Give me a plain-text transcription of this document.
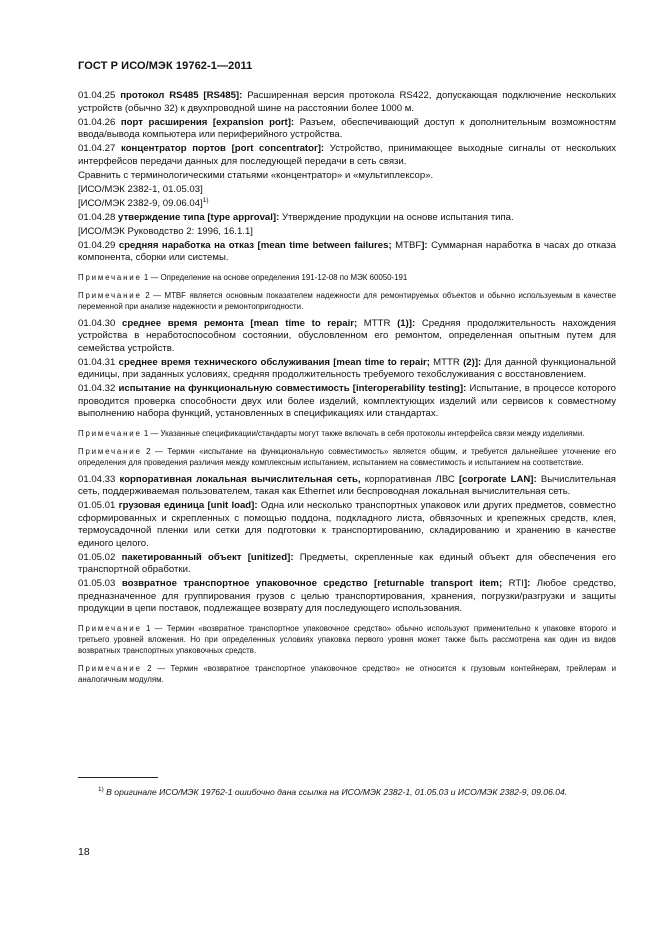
ГОСТ Р ИСО/МЭК 19762-1—2011

01.04.25 протокол RS485 [RS485]: Расширенная версия протокола RS422, допускающая подключение нескольких устройств (обычно 32) к двухпроводной шине на расстоянии более 1000 м.

01.04.26 порт расширения [expansion port]: Разъем, обеспечивающий доступ к дополнительным возможностям ввода/вывода компьютера или периферийного устройства.

01.04.27 концентратор портов [port concentrator]: Устройство, принимающее выходные сигналы от нескольких интерфейсов передачи данных для последующей передачи в сеть связи.

Сравнить с терминологическими статьями «концентратор» и «мультиплексор».

[ИСО/МЭК 2382-1, 01.05.03]

[ИСО/МЭК 2382-9, 09.06.04]$^{1)}$

01.04.28 утверждение типа [type approval]: Утверждение продукции на основе испытания типа.

[ИСО/МЭК Руководство 2: 1996, 16.1.1]

01.04.29 средняя наработка на отказ [mean time between failures; MTBF]: Суммарная наработка в часах до отказа компонента, сборки или системы.

Примечание 1 — Определение на основе определения 191-12-08 по МЭК 60050-191

Примечание 2 — MTBF является основным показателем надежности для ремонтируемых объектов и обычно используемым в качестве переменной при анализе надежности и ремонтопригодности.

01.04.30 среднее время ремонта [mean time to repair; MTTR (1)]: Средняя продолжительность нахождения устройства в неработоспособном состоянии, обусловленном его ремонтом, определенная опытным путем для семейства устройств.

01.04.31 среднее время технического обслуживания [mean time to repair; MTTR (2)]: Для данной функциональной единицы, при заданных условиях, средняя продолжительность требуемого техобслуживания с восстановлением.

01.04.32 испытание на функциональную совместимость [interoperability testing]: Испытание, в процессе которого проводится проверка способности двух или более изделий, комплектующих изделий или сервисов к совместному выполнению набора функций, установленных в спецификациях или стандартах.

Примечание 1 — Указанные спецификации/стандарты могут также включать в себя протоколы интерфейса связи между изделиями.

Примечание 2 — Термин «испытание на функциональную совместимость» является общим, и требуется дальнейшее уточнение его определения для проведения различия между комплексным испытанием, испытанием на совместимость и испытанием на соответствие.

01.04.33 корпоративная локальная вычислительная сеть, корпоративная ЛВС [corporate LAN]: Вычислительная сеть, поддерживаемая пользователем, такая как Ethernet или беспроводная локальная вычислительная сеть.

01.05.01 грузовая единица [unit load]: Одна или несколько транспортных упаковок или других предметов, совместно сформированных и скрепленных с помощью поддона, подкладного листа, обвязочных и крепежных средств, клея, термоусадочной пленки или сетки для подготовки к транспортированию, складированию и хранению в качестве единого целого.

01.05.02 пакетированный объект [unitized]: Предметы, скрепленные как единый объект для обеспечения его транспортной обработки.

01.05.03 возвратное транспортное упаковочное средство [returnable transport item; RTI]: Любое средство, предназначенное для группирования грузов с целью транспортирования, хранения, погрузки/разгрузки и защиты продукции в цепи поставок, подлежащее возврату для последующего использования.

Примечание 1 — Термин «возвратное транспортное упаковочное средство» обычно используют применительно к упаковке второго и третьего уровней вложения. Но при определенных условиях упаковка первого уровня может также быть рассмотрена как один из видов возвратных транспортных упаковочных средств.

Примечание 2 — Термин «возвратное транспортное упаковочное средство» не относится к грузовым контейнерам, трейлерам и аналогичным модулям.

$^{1)}$ В оригинале ИСО/МЭК 19762-1 ошибочно дана ссылка на ИСО/МЭК 2382-1, 01.05.03 и ИСО/МЭК 2382-9, 09.06.04.
18
